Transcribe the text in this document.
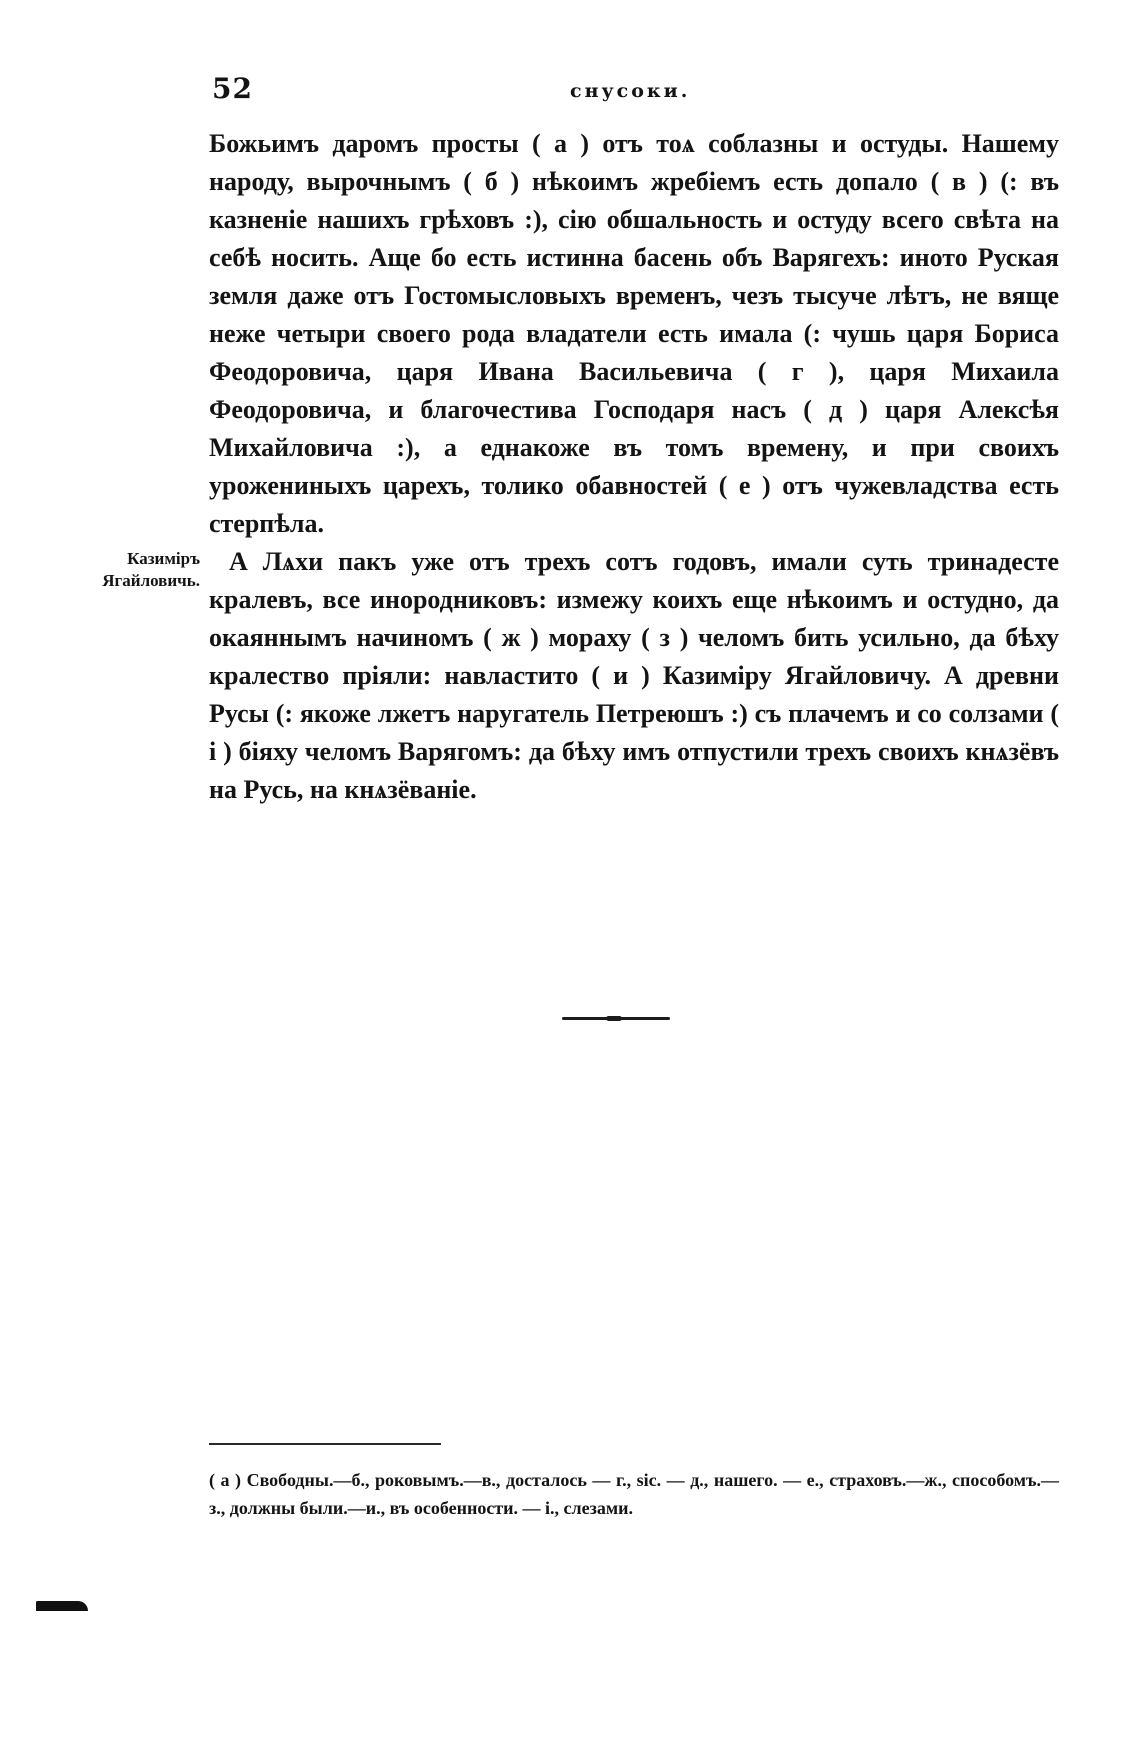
52	снусоки.
Казимiръ
Ягайловичь.

Божьимъ даромъ просты ( а ) отъ тоѧ соблазны и остуды. Нашему народу, вырочнымъ ( б ) нѣкоимъ жребiемъ есть допало ( в ) (: въ казненiе нашихъ грѣховъ :), сiю обшальность и остуду всего свѣта на себѣ носить. Аще бо есть истинна басень объ Варягехъ: иното Руская земля даже отъ Гостомысловыхъ временъ, чезъ тысуче лѣтъ, не вяще неже четыри своего рода владатели есть имала (: чушь царя Бориса Феодоровича, царя Ивана Васильевича ( г ), царя Михаила Феодоровича, и благочестива Господаря насъ ( д ) царя Алексѣя Михайловича :), а еднакоже въ томъ времену, и при своихъ урожениныхъ царехъ, толико обавностей ( е ) отъ чужевладства есть стерпѣла.

А Лѧхи пакъ уже отъ трехъ сотъ годовъ, имали суть тринадесте кралевъ, все инородниковъ: измежу коихъ еще нѣкоимъ и остудно, да окаяннымъ начиномъ ( ж ) мораху ( з ) челомъ бить усильно, да бѣху кралество прiяли: навластито ( и ) Казимiру Ягайловичу. А древни Русы (: якоже лжетъ наругатель Петреюшъ :) съ плачемъ и со солзами ( i ) бiяху челомъ Варягомъ: да бѣху имъ отпустили трехъ своихъ кнѧзёвъ на Русь, на кнѧзёванiе.

( а ) Свободны.—б., роковымъ.—в., досталось — г., sic. — д., нашего. — е., страховъ.—ж., способомъ.—з., должны были.—и., въ особенности. — i., слезами.
